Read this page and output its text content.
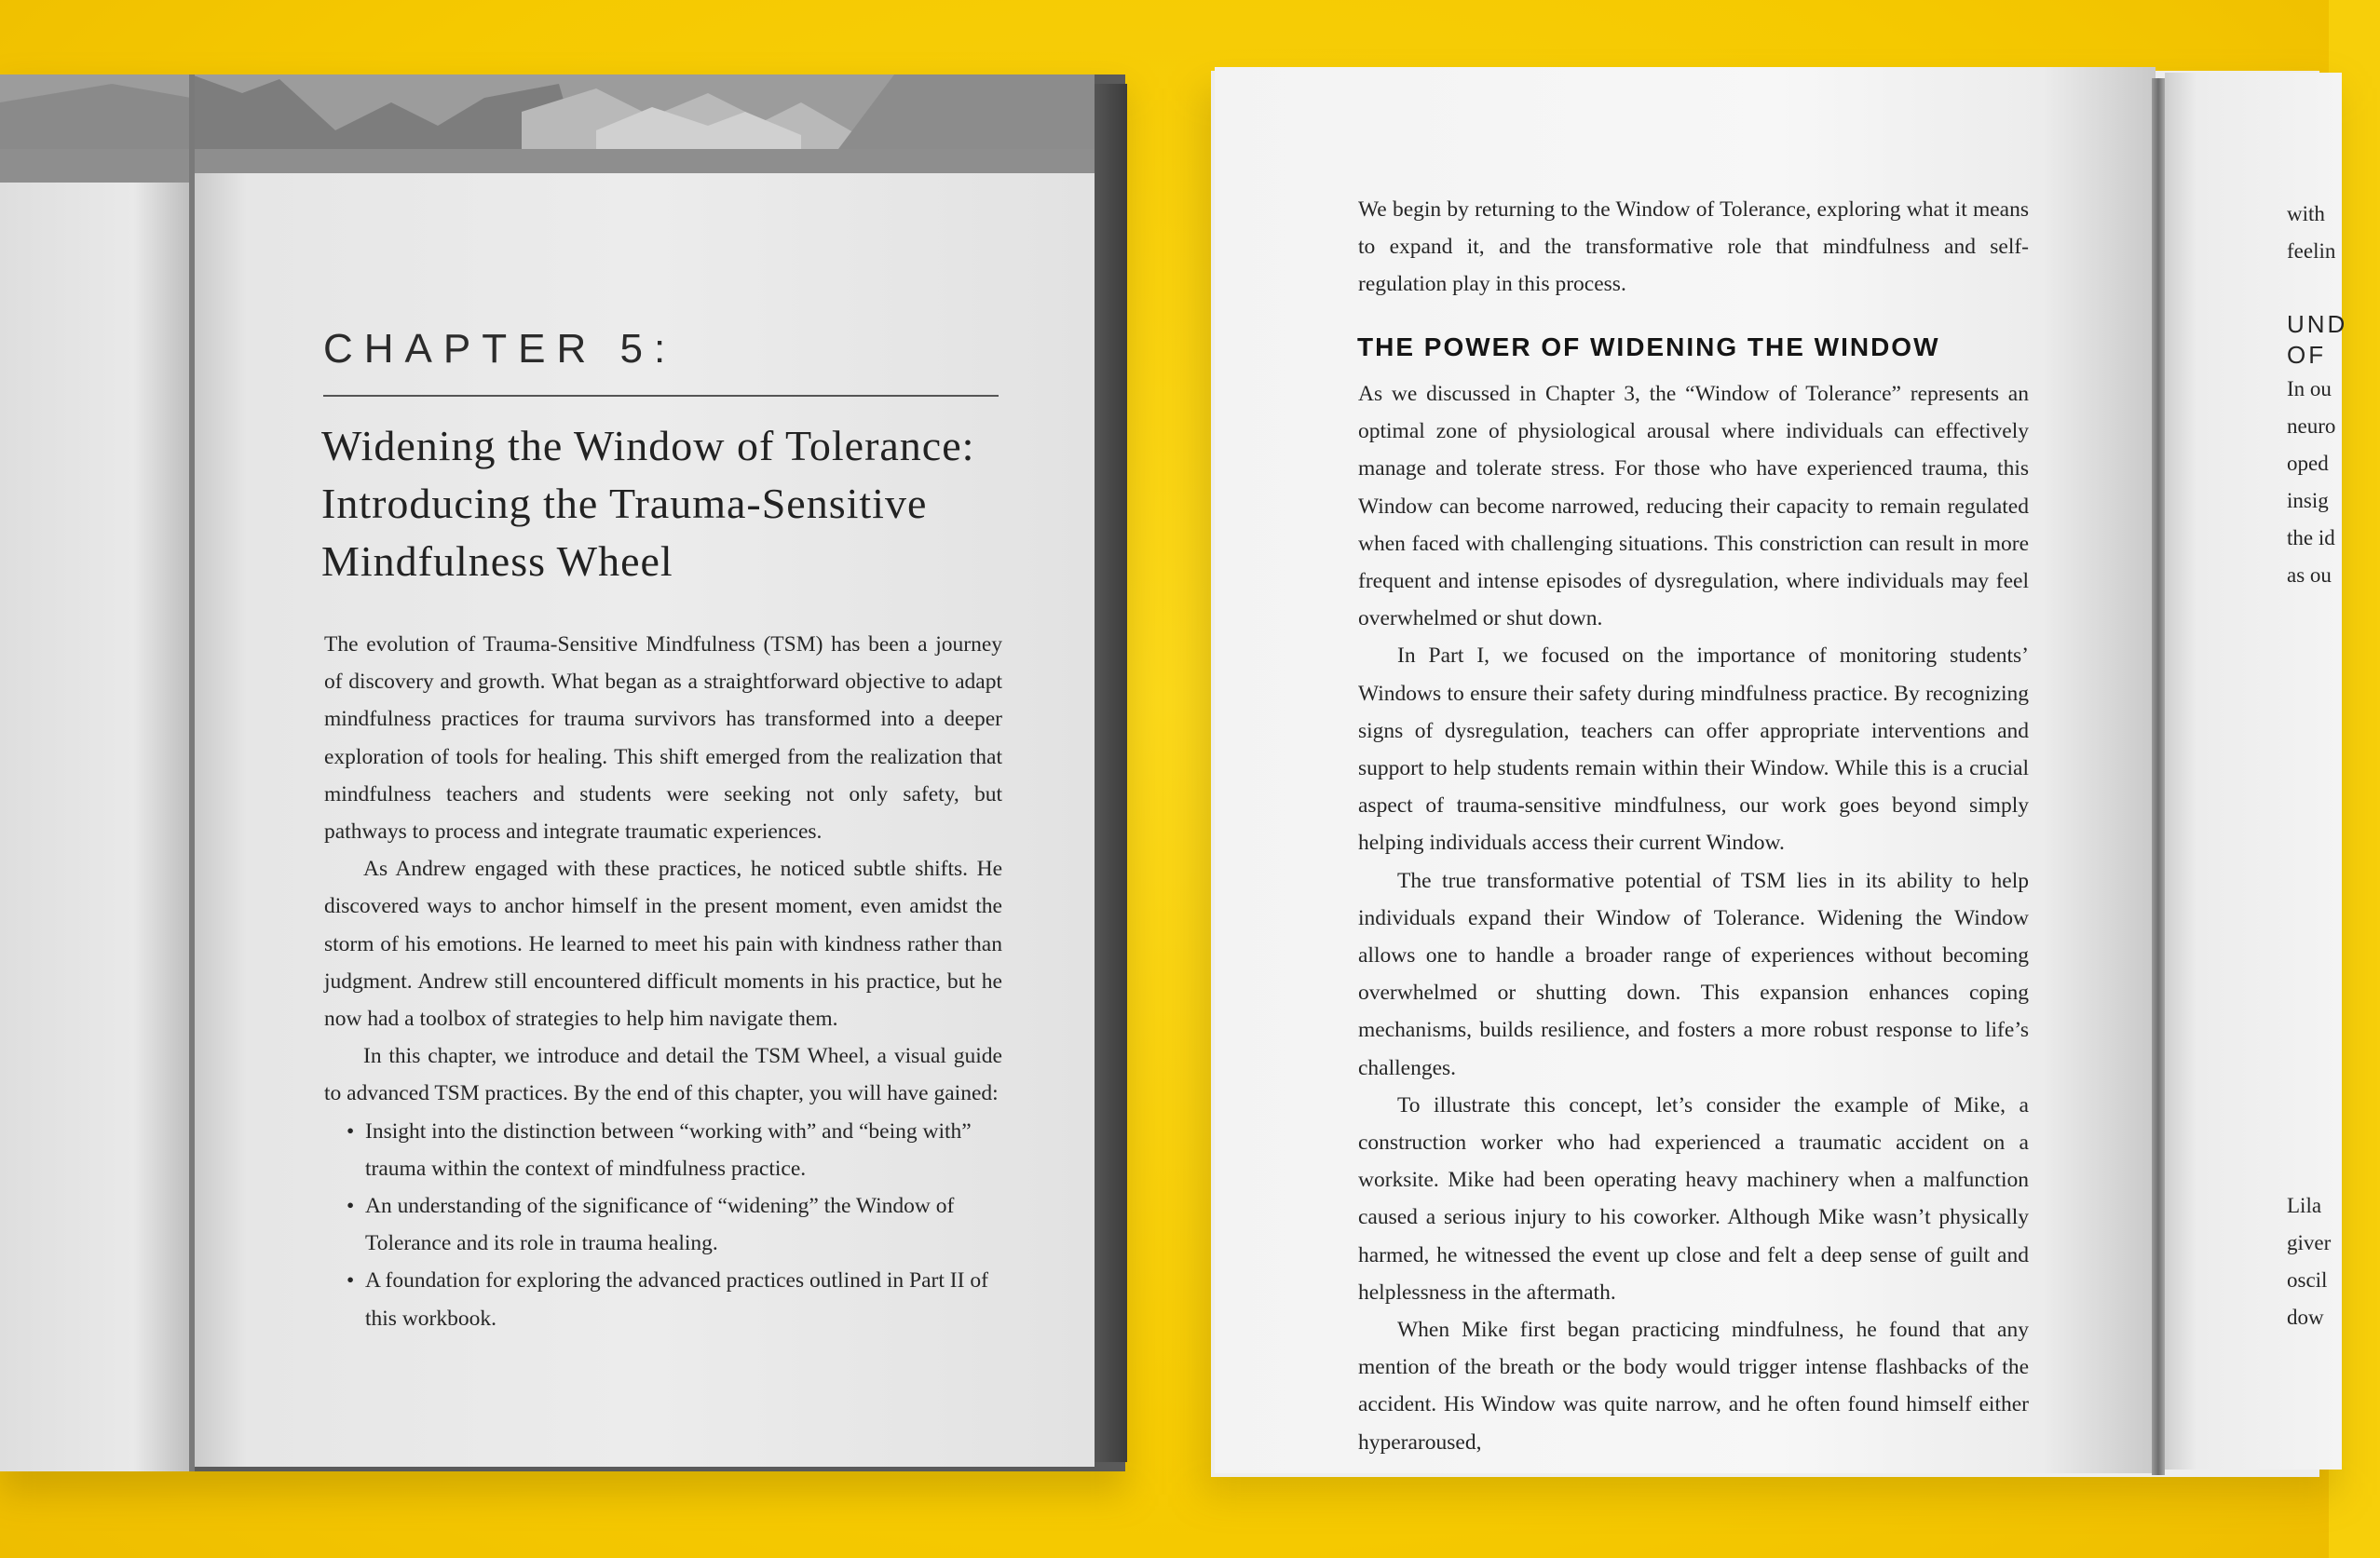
CHAPTER 5:
Widening the Window of Tolerance:
Introducing the Trauma-Sensitive
Mindfulness Wheel

The evolution of Trauma-Sensitive Mindfulness (TSM) has been a journey of discovery and growth. What began as a straightforward objective to adapt mindfulness practices for trauma survivors has transformed into a deeper exploration of tools for healing. This shift emerged from the realization that mindfulness teachers and students were seeking not only safety, but pathways to process and integrate traumatic experiences.

As Andrew engaged with these practices, he noticed subtle shifts. He discovered ways to anchor himself in the present moment, even amidst the storm of his emotions. He learned to meet his pain with kindness rather than judgment. Andrew still encountered difficult moments in his practice, but he now had a toolbox of strategies to help him navigate them.

In this chapter, we introduce and detail the TSM Wheel, a visual guide to advanced TSM practices. By the end of this chapter, you will have gained:

• Insight into the distinction between “working with” and “being with” trauma within the context of mindfulness practice.
• An understanding of the significance of “widening” the Window of Tolerance and its role in trauma healing.
• A foundation for exploring the advanced practices outlined in Part II of this workbook.

We begin by returning to the Window of Tolerance, exploring what it means to expand it, and the transformative role that mindfulness and self-regulation play in this process.

THE POWER OF WIDENING THE WINDOW

As we discussed in Chapter 3, the “Window of Tolerance” represents an optimal zone of physiological arousal where individuals can effectively manage and tolerate stress. For those who have experienced trauma, this Window can become narrowed, reducing their capacity to remain regulated when faced with challenging situations. This constriction can result in more frequent and intense episodes of dysregulation, where individuals may feel overwhelmed or shut down.

In Part I, we focused on the importance of monitoring students’ Windows to ensure their safety during mindfulness practice. By recognizing signs of dysregulation, teachers can offer appropriate interventions and support to help students remain within their Window. While this is a crucial aspect of trauma-sensitive mindfulness, our work goes beyond simply helping individuals access their current Window.

The true transformative potential of TSM lies in its ability to help individuals expand their Window of Tolerance. Widening the Window allows one to handle a broader range of experiences without becoming overwhelmed or shutting down. This expansion enhances coping mechanisms, builds resilience, and fosters a more robust response to life’s challenges.

To illustrate this concept, let’s consider the example of Mike, a construction worker who had experienced a traumatic accident on a worksite. Mike had been operating heavy machinery when a malfunction caused a serious injury to his coworker. Although Mike wasn’t physically harmed, he witnessed the event up close and felt a deep sense of guilt and helplessness in the aftermath.

When Mike first began practicing mindfulness, he found that any mention of the breath or the body would trigger intense flashbacks of the accident. His Window was quite narrow, and he often found himself either hyperaroused,

with
feelin
UND
OF
In ou
neuro
oped
insig
the id
as ou
Lila
giver
oscil
dow
